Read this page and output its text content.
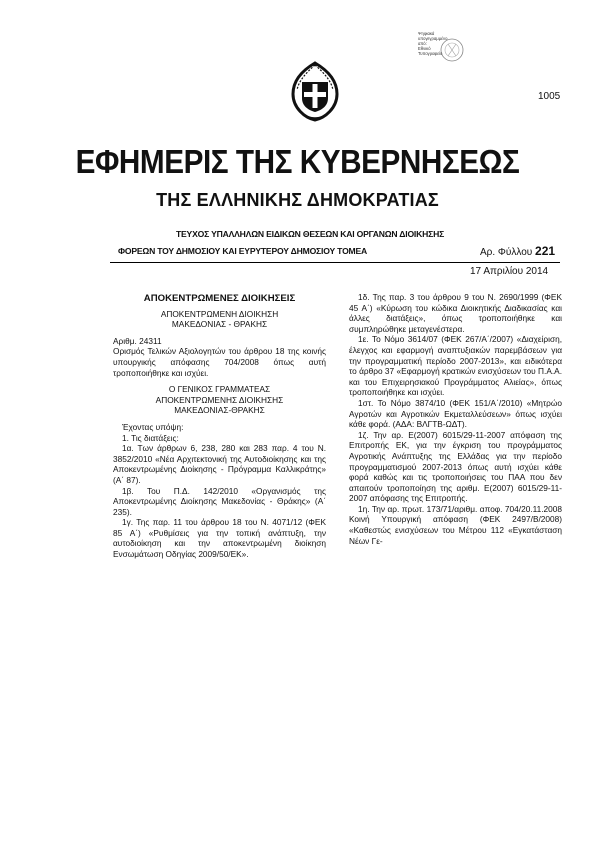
Ψηφιακά
υπογεγραμμένο
από:
Εθνικό
Τυπογραφείο
1005
ΕΦΗΜΕΡΙΣ ΤΗΣ ΚΥΒΕΡΝΗΣΕΩΣ
ΤΗΣ ΕΛΛΗΝΙΚΗΣ ΔΗΜΟΚΡΑΤΙΑΣ
ΤΕΥΧΟΣ ΥΠΑΛΛΗΛΩΝ ΕΙΔΙΚΩΝ ΘΕΣΕΩΝ ΚΑΙ ΟΡΓΑΝΩΝ ΔΙΟΙΚΗΣΗΣ
ΦΟΡΕΩΝ ΤΟΥ ΔΗΜΟΣΙΟΥ ΚΑΙ ΕΥΡΥΤΕΡΟΥ ΔΗΜΟΣΙΟΥ ΤΟΜΕΑ	Αρ. Φύλλου 221
17 Απριλίου 2014
ΑΠΟΚΕΝΤΡΩΜΕΝΕΣ ΔΙΟΙΚΗΣΕΙΣ
ΑΠΟΚΕΝΤΡΩΜΕΝΗ ΔΙΟΙΚΗΣΗ
ΜΑΚΕΔΟΝΙΑΣ - ΘΡΑΚΗΣ
Αριθμ. 24311

Ορισμός Τελικών Αξιολογητών του άρθρου 18 της κοινής υπουργικής απόφασης 704/2008 όπως αυτή τροποποιήθηκε και ισχύει.

Ο ΓΕΝΙΚΟΣ ΓΡΑΜΜΑΤΕΑΣ
ΑΠΟΚΕΝΤΡΩΜΕΝΗΣ ΔΙΟΙΚΗΣΗΣ
ΜΑΚΕΔΟΝΙΑΣ-ΘΡΑΚΗΣ

Έχοντας υπόψη:

1. Τις διατάξεις:

1α. Των άρθρων 6, 238, 280 και 283 παρ. 4 του Ν. 3852/2010 «Νέα Αρχιτεκτονική της Αυτοδιοίκησης και της Αποκεντρωμένης Διοίκησης - Πρόγραμμα Καλλικράτης» (Α΄ 87).

1β. Του Π.Δ. 142/2010 «Οργανισμός της Αποκεντρωμένης Διοίκησης Μακεδονίας - Θράκης» (Α΄ 235).

1γ. Της παρ. 11 του άρθρου 18 του Ν. 4071/12 (ΦΕΚ 85 Α΄) «Ρυθμίσεις για την τοπική ανάπτυξη, την αυτοδιοίκηση και την αποκεντρωμένη διοίκηση Ενσωμάτωση Οδηγίας 2009/50/ΕΚ».

1δ. Της παρ. 3 του άρθρου 9 του Ν. 2690/1999 (ΦΕΚ 45 Α΄) «Κύρωση του κώδικα Διοικητικής Διαδικασίας και άλλες διατάξεις», όπως τροποποιήθηκε και συμπληρώθηκε μεταγενέστερα.

1ε. Το Νόμο 3614/07 (ΦΕΚ 267/Α΄/2007) «Διαχείριση, έλεγχος και εφαρμογή αναπτυξιακών παρεμβάσεων για την προγραμματική περίοδο 2007-2013», και ειδικότερα το άρθρο 37 «Εφαρμογή κρατικών ενισχύσεων του Π.Α.Α. και του Επιχειρησιακού Προγράμματος Αλιείας», όπως τροποποιήθηκε και ισχύει.

1στ. Το Νόμο 3874/10 (ΦΕΚ 151/Α΄/2010) «Μητρώο Αγροτών και Αγροτικών Εκμεταλλεύσεων» όπως ισχύει κάθε φορά. (ΑΔΑ: ΒΛΓΤΒ-ΩΔΤ).

1ζ. Την αρ. Ε(2007) 6015/29-11-2007 απόφαση της Επιτροπής ΕΚ, για την έγκριση του προγράμματος Αγροτικής Ανάπτυξης της Ελλάδας για την περίοδο προγραμματισμού 2007-2013 όπως αυτή ισχύει κάθε φορά καθώς και τις τροποποιήσεις του ΠΑΑ που δεν απαιτούν τροποποίηση της αριθμ. Ε(2007) 6015/29-11-2007 απόφασης της Επιτροπής.

1η. Την αρ. πρωτ. 173/71/αριθμ. αποφ. 704/20.11.2008 Κοινή Υπουργική απόφαση (ΦΕΚ 2497/Β/2008) «Καθεστώς ενισχύσεων του Μέτρου 112 «Εγκατάσταση Νέων Γε-
